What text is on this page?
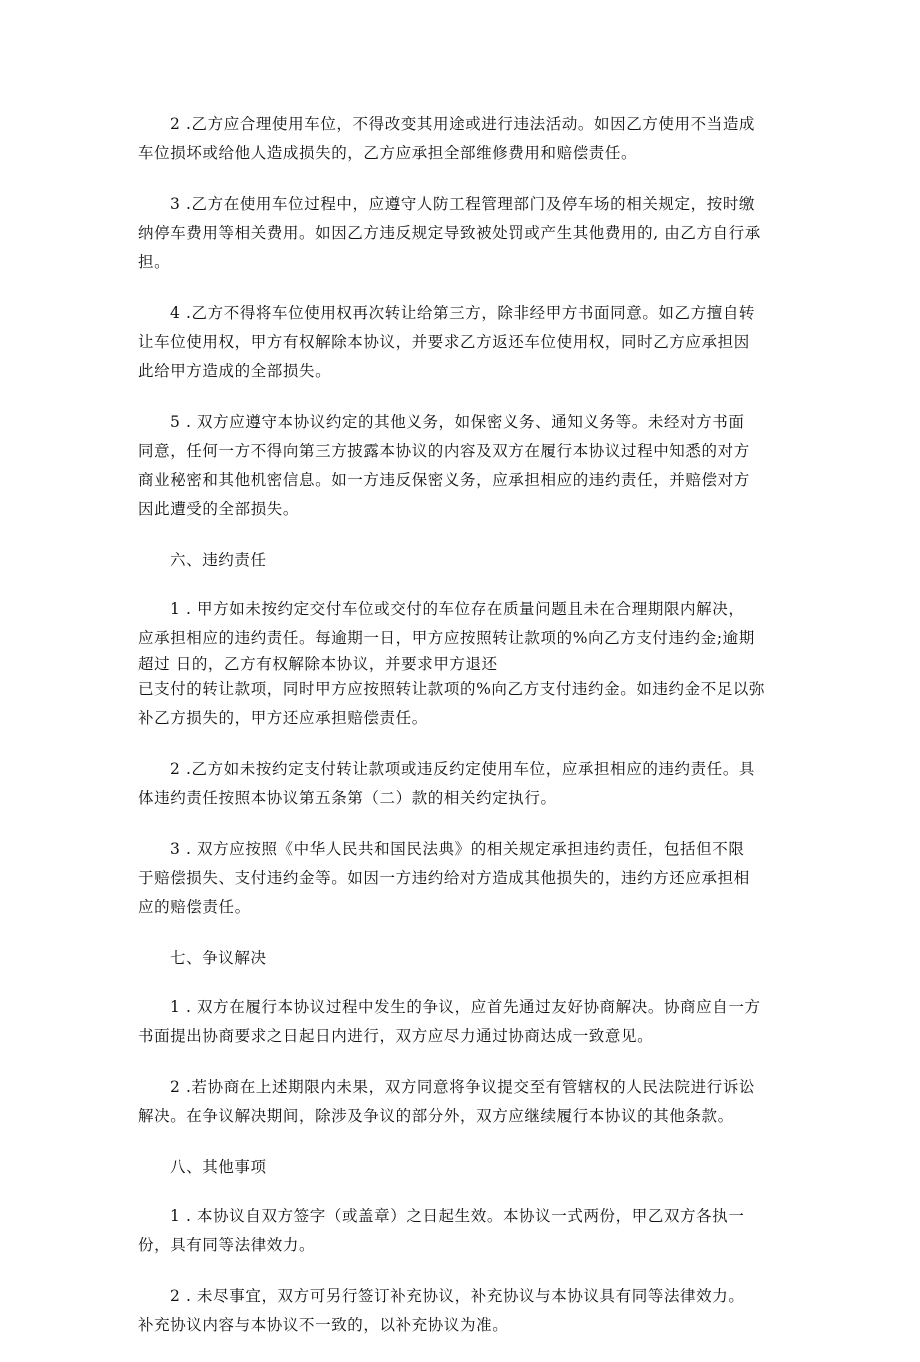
2 .乙方应合理使用车位，不得改变其用途或进行违法活动。如因乙方使用不当造成
车位损坏或给他人造成损失的，乙方应承担全部维修费用和赔偿责任。

3 .乙方在使用车位过程中，应遵守人防工程管理部门及停车场的相关规定，按时缴
纳停车费用等相关费用。如因乙方违反规定导致被处罚或产生其他费用的, 由乙方自行承
担。

4 .乙方不得将车位使用权再次转让给第三方，除非经甲方书面同意。如乙方擅自转
让车位使用权，甲方有权解除本协议，并要求乙方返还车位使用权，同时乙方应承担因
此给甲方造成的全部损失。

5 . 双方应遵守本协议约定的其他义务，如保密义务、通知义务等。未经对方书面
同意，任何一方不得向第三方披露本协议的内容及双方在履行本协议过程中知悉的对方
商业秘密和其他机密信息。如一方违反保密义务，应承担相应的违约责任，并赔偿对方
因此遭受的全部损失。

六、违约责任

1 . 甲方如未按约定交付车位或交付的车位存在质量问题且未在合理期限内解决，
应承担相应的违约责任。每逾期一日，甲方应按照转让款项的%向乙方支付违约金;逾期
超过 日的，乙方有权解除本协议，并要求甲方退还
已支付的转让款项，同时甲方应按照转让款项的%向乙方支付违约金。如违约金不足以弥
补乙方损失的，甲方还应承担赔偿责任。

2 .乙方如未按约定支付转让款项或违反约定使用车位，应承担相应的违约责任。具
体违约责任按照本协议第五条第（二）款的相关约定执行。

3 . 双方应按照《中华人民共和国民法典》的相关规定承担违约责任，包括但不限
于赔偿损失、支付违约金等。如因一方违约给对方造成其他损失的，违约方还应承担相
应的赔偿责任。

七、争议解决

1 . 双方在履行本协议过程中发生的争议，应首先通过友好协商解决。协商应自一方
书面提出协商要求之日起日内进行，双方应尽力通过协商达成一致意见。

2 .若协商在上述期限内未果，双方同意将争议提交至有管辖权的人民法院进行诉讼
解决。在争议解决期间，除涉及争议的部分外，双方应继续履行本协议的其他条款。

八、其他事项

1 . 本协议自双方签字（或盖章）之日起生效。本协议一式两份，甲乙双方各执一
份，具有同等法律效力。

2 . 未尽事宜，双方可另行签订补充协议，补充协议与本协议具有同等法律效力。
补充协议内容与本协议不一致的，以补充协议为准。
